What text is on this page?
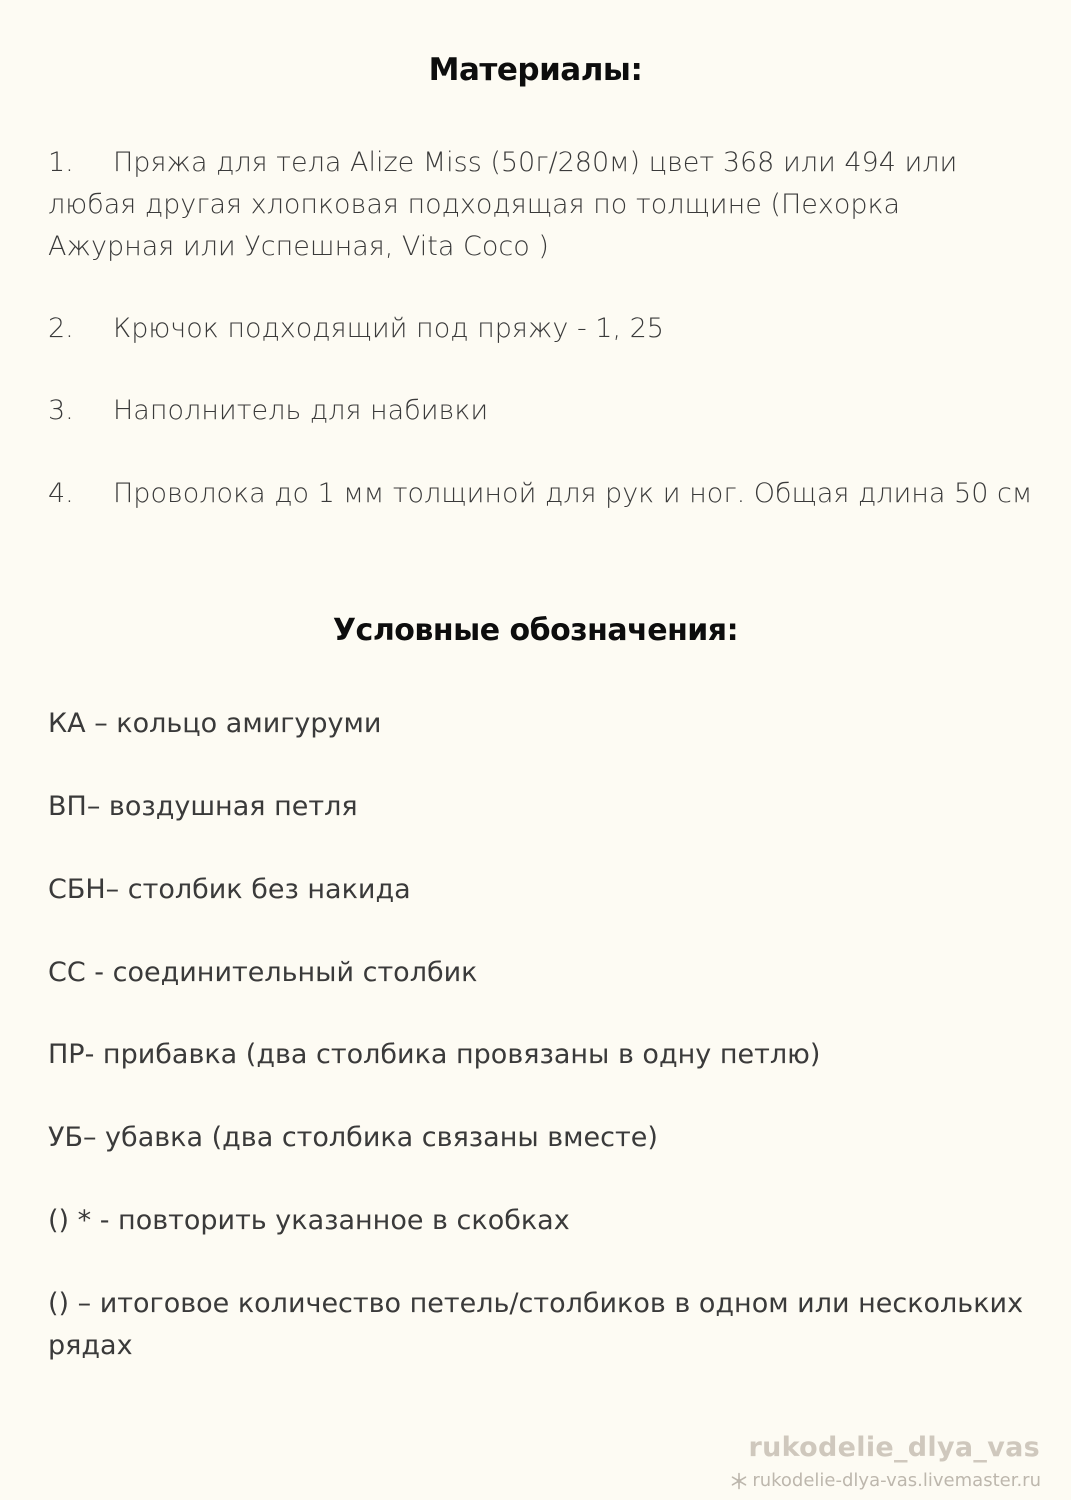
Материалы:
1. Пряжа для тела Alize Miss (50г/280м) цвет 368 или 494 или любая другая хлопковая подходящая по толщине (Пехорка Ажурная или Успешная, Vita Coco )
2. Крючок подходящий под пряжу - 1, 25
3. Наполнитель для набивки
4. Проволока до 1 мм толщиной для рук и ног. Общая длина 50 см
Условные обозначения:
КА – кольцо амигуруми
ВП– воздушная петля
СБН– столбик без накида
СС - соединительный столбик
ПР- прибавка (два столбика провязаны в одну петлю)
УБ– убавка (два столбика связаны вместе)
() * - повторить указанное в скобках
() – итоговое количество петель/столбиков в одном или нескольких рядах
rukodelie_dlya_vas
rukodelie-dlya-vas.livemaster.ru
